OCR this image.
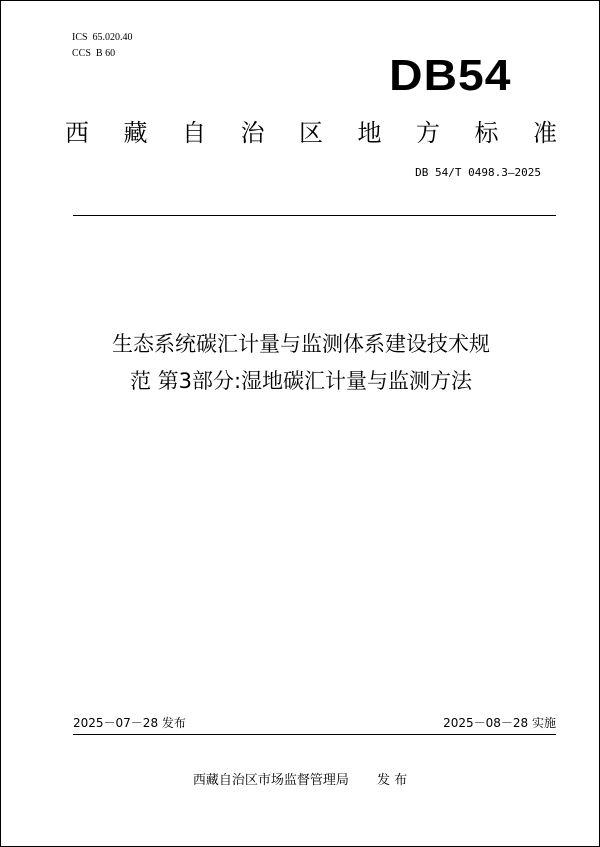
ICS  65.020.40
CCS  B 60	DB54
西 藏 自 治 区 地 方 标 准
DB 54/T 0498.3—2025
生态系统碳汇计量与监测体系建设技术规
范 第3部分:湿地碳汇计量与监测方法
2025－07－28 发布	2025－08－28 实施
西藏自治区市场监督管理局 发 布
